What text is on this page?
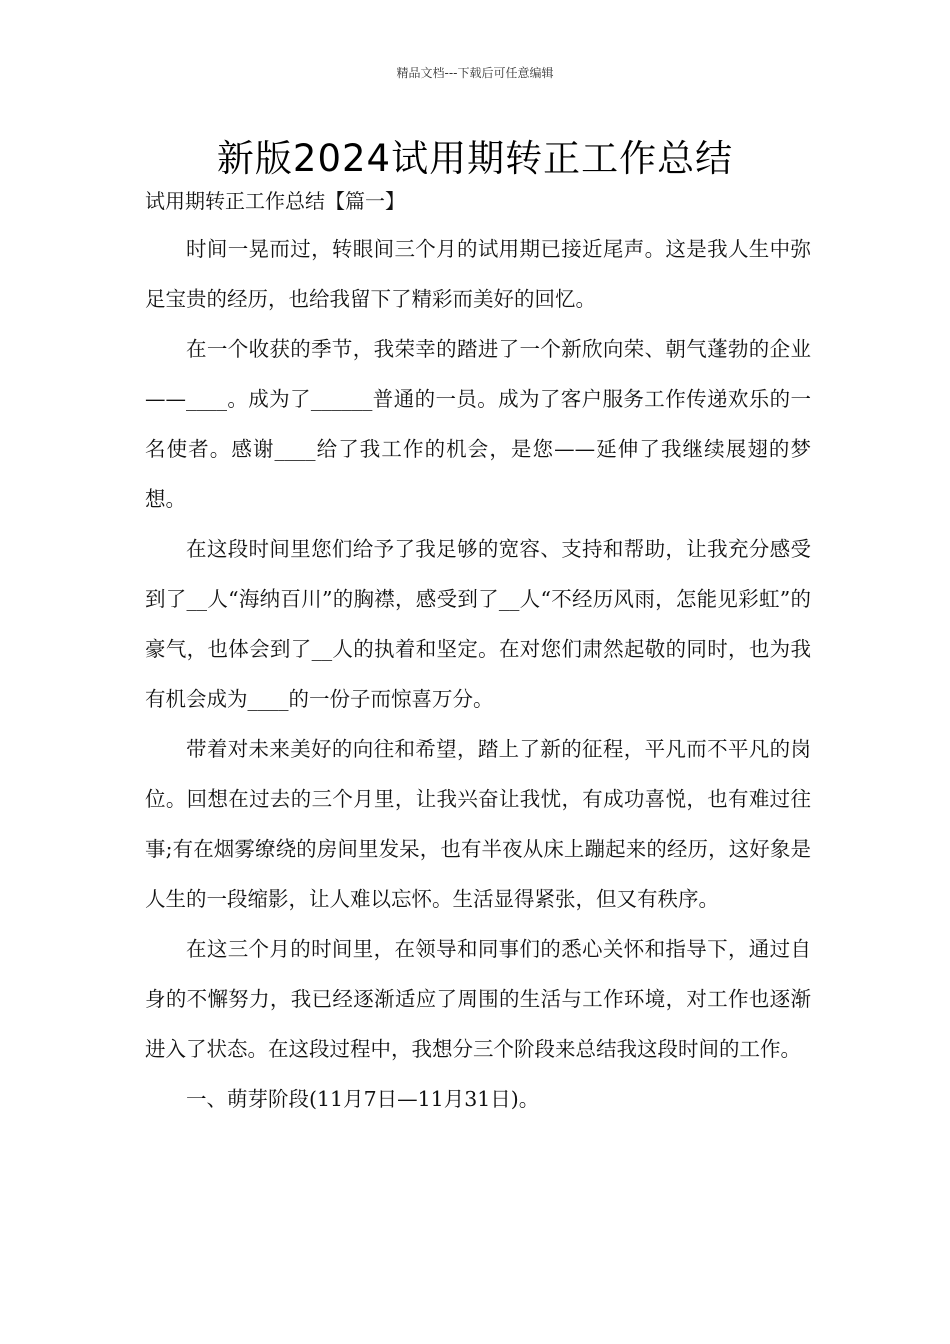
精品文档---下载后可任意编辑
新版2024试用期转正工作总结
试用期转正工作总结【篇一】

时间一晃而过，转眼间三个月的试用期已接近尾声。这是我人生中弥足宝贵的经历，也给我留下了精彩而美好的回忆。

在一个收获的季节，我荣幸的踏进了一个新欣向荣、朝气蓬勃的企业——____。成为了______普通的一员。成为了客户服务工作传递欢乐的一名使者。感谢____给了我工作的机会，是您——延伸了我继续展翅的梦想。

在这段时间里您们给予了我足够的宽容、支持和帮助，让我充分感受到了__人“海纳百川”的胸襟，感受到了__人“不经历风雨，怎能见彩虹”的豪气，也体会到了__人的执着和坚定。在对您们肃然起敬的同时，也为我有机会成为____的一份子而惊喜万分。

带着对未来美好的向往和希望，踏上了新的征程，平凡而不平凡的岗位。回想在过去的三个月里，让我兴奋让我忧，有成功喜悦，也有难过往事;有在烟雾缭绕的房间里发呆，也有半夜从床上蹦起来的经历，这好象是人生的一段缩影，让人难以忘怀。生活显得紧张，但又有秩序。

在这三个月的时间里，在领导和同事们的悉心关怀和指导下，通过自身的不懈努力，我已经逐渐适应了周围的生活与工作环境，对工作也逐渐进入了状态。在这段过程中，我想分三个阶段来总结我这段时间的工作。

一、萌芽阶段(11月7日—11月31日)。
